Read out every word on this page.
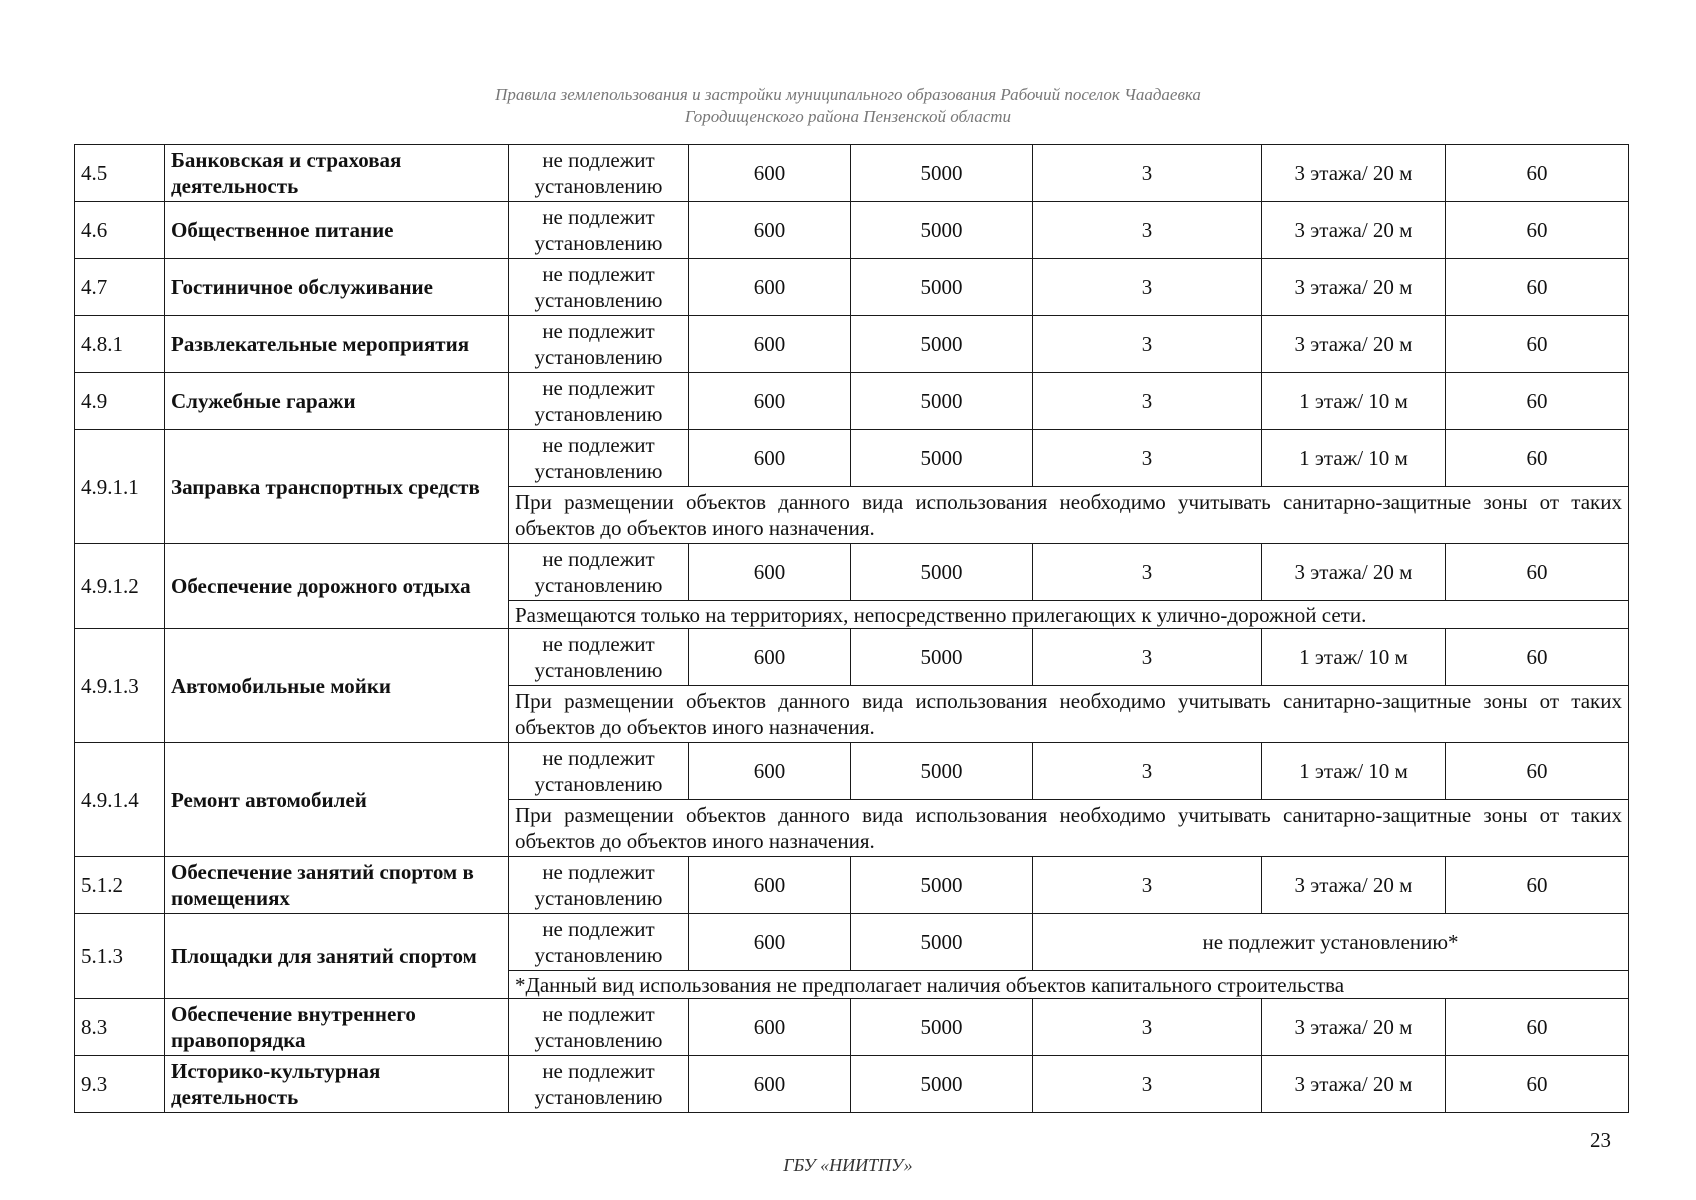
Правила землепользования и застройки муниципального образования Рабочий поселок Чаадаевка
Городищенского района Пензенской области
4.5	Банковская и страховая деятельность	не подлежит установлению	600	5000	3	3 этажа/ 20 м	60
4.6	Общественное питание	не подлежит установлению	600	5000	3	3 этажа/ 20 м	60
4.7	Гостиничное обслуживание	не подлежит установлению	600	5000	3	3 этажа/ 20 м	60
4.8.1	Развлекательные мероприятия	не подлежит установлению	600	5000	3	3 этажа/ 20 м	60
4.9	Служебные гаражи	не подлежит установлению	600	5000	3	1 этаж/ 10 м	60
4.9.1.1	Заправка транспортных средств	не подлежит установлению	600	5000	3	1 этаж/ 10 м	60
		При размещении объектов данного вида использования необходимо учитывать санитарно-защитные зоны от таких объектов до объектов иного назначения.					
4.9.1.2	Обеспечение дорожного отдыха	не подлежит установлению	600	5000	3	3 этажа/ 20 м	60
		Размещаются только на территориях, непосредственно прилегающих к улично-дорожной сети.					
4.9.1.3	Автомобильные мойки	не подлежит установлению	600	5000	3	1 этаж/ 10 м	60
		При размещении объектов данного вида использования необходимо учитывать санитарно-защитные зоны от таких объектов до объектов иного назначения.					
4.9.1.4	Ремонт автомобилей	не подлежит установлению	600	5000	3	1 этаж/ 10 м	60
		При размещении объектов данного вида использования необходимо учитывать санитарно-защитные зоны от таких объектов до объектов иного назначения.					
5.1.2	Обеспечение занятий спортом в помещениях	не подлежит установлению	600	5000	3	3 этажа/ 20 м	60
5.1.3	Площадки для занятий спортом	не подлежит установлению	600	5000	не подлежит установлению*		
		*Данный вид использования не предполагает наличия объектов капитального строительства					
8.3	Обеспечение внутреннего правопорядка	не подлежит установлению	600	5000	3	3 этажа/ 20 м	60
9.3	Историко-культурная деятельность	не подлежит установлению	600	5000	3	3 этажа/ 20 м	60
23
ГБУ «НИИТПУ»
